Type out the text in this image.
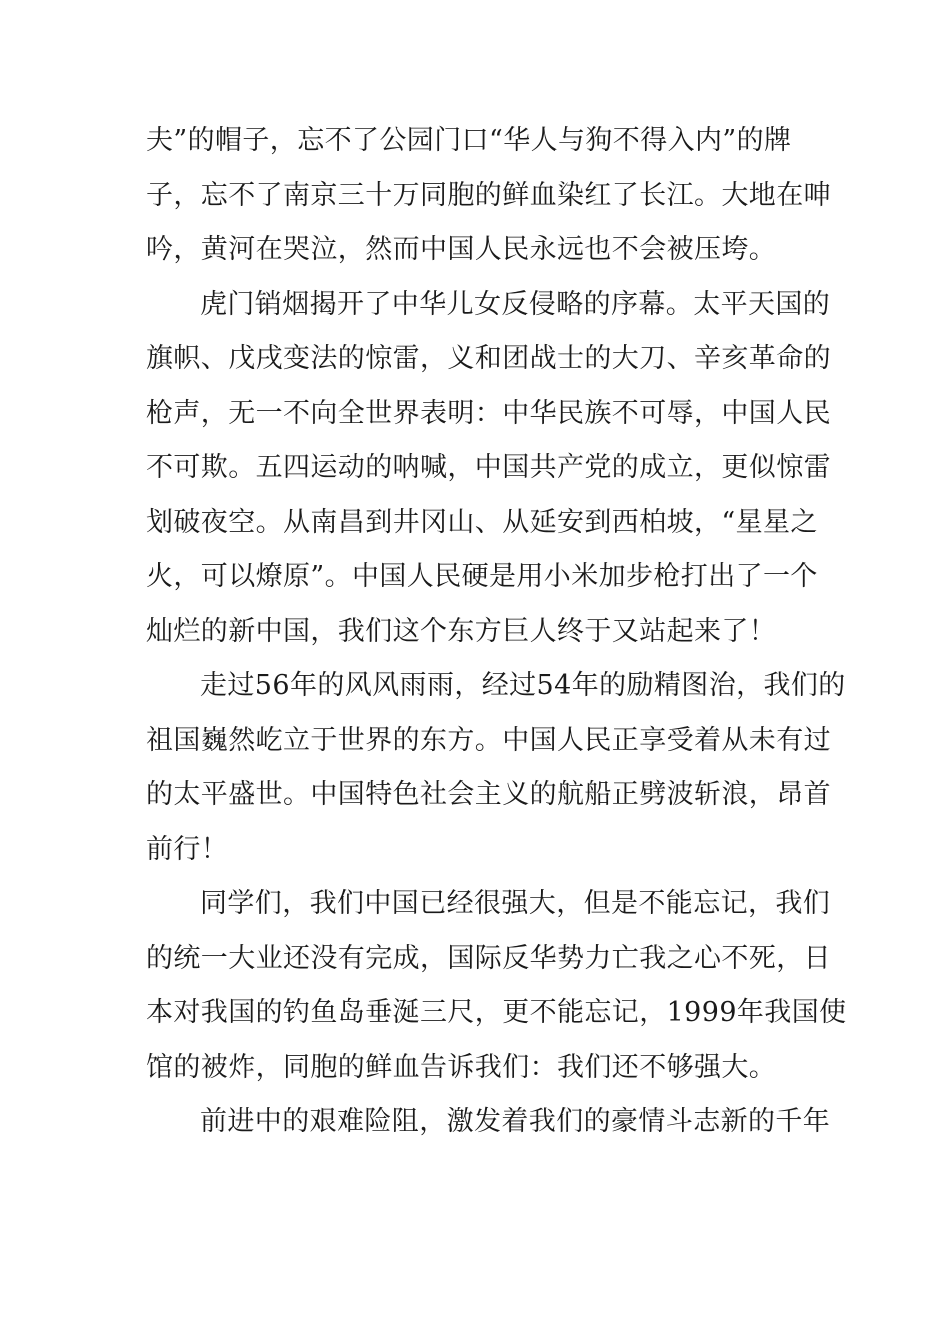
夫”的帽子，忘不了公园门口“华人与狗不得入内”的牌
子，忘不了南京三十万同胞的鲜血染红了长江。大地在呻
吟，黄河在哭泣，然而中国人民永远也不会被压垮。
虎门销烟揭开了中华儿女反侵略的序幕。太平天国的
旗帜、戊戌变法的惊雷，义和团战士的大刀、辛亥革命的
枪声，无一不向全世界表明：中华民族不可辱，中国人民
不可欺。五四运动的呐喊，中国共产党的成立，更似惊雷
划破夜空。从南昌到井冈山、从延安到西柏坡，“星星之
火，可以燎原”。中国人民硬是用小米加步枪打出了一个
灿烂的新中国，我们这个东方巨人终于又站起来了！
走过56年的风风雨雨，经过54年的励精图治，我们的
祖国巍然屹立于世界的东方。中国人民正享受着从未有过
的太平盛世。中国特色社会主义的航船正劈波斩浪，昂首
前行！
同学们，我们中国已经很强大，但是不能忘记，我们
的统一大业还没有完成，国际反华势力亡我之心不死，日
本对我国的钓鱼岛垂涎三尺，更不能忘记，1999年我国使
馆的被炸，同胞的鲜血告诉我们：我们还不够强大。
前进中的艰难险阻，激发着我们的豪情斗志新的千年
